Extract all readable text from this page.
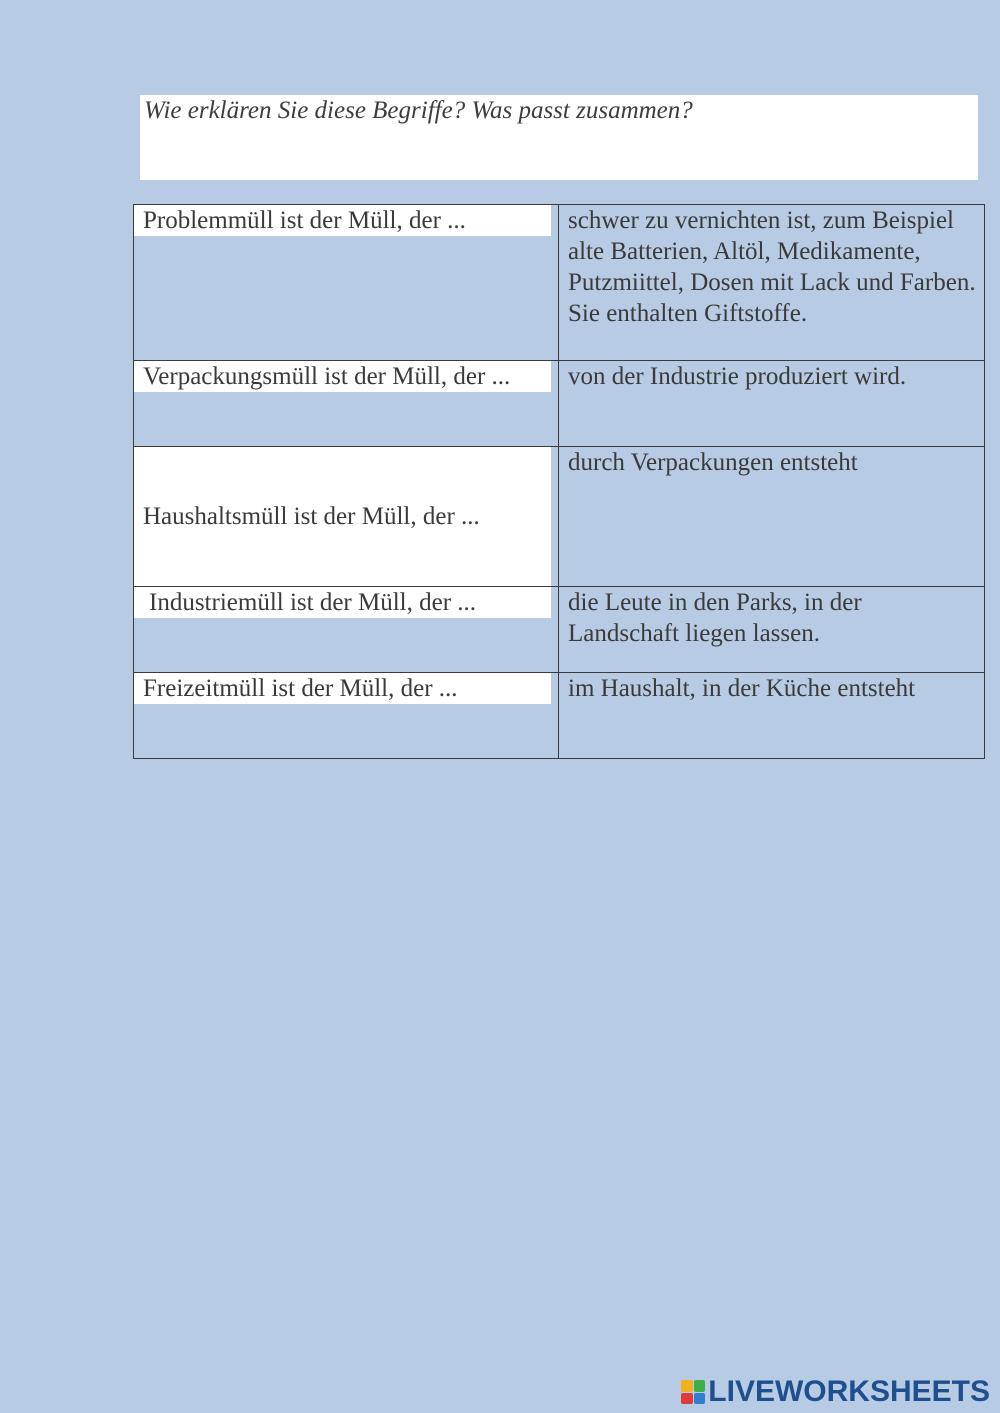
Wie erklären Sie diese Begriffe? Was passt zusammen?
Problemmüll ist der Müll, der ...	schwer zu vernichten ist, zum Beispiel alte Batterien, Altöl, Medikamente, Putzmiittel, Dosen mit Lack und Farben. Sie enthalten Giftstoffe.

Verpackungsmüll ist der Müll, der ...	von der Industrie produziert wird.

Haushaltsmüll ist der Müll, der ...	durch Verpackungen entsteht

Industriemüll ist der Müll, der ...	die Leute in den Parks, in der Landschaft liegen lassen.

Freizeitmüll ist der Müll, der ...	im Haushalt, in der Küche entsteht
LIVEWORKSHEETS
